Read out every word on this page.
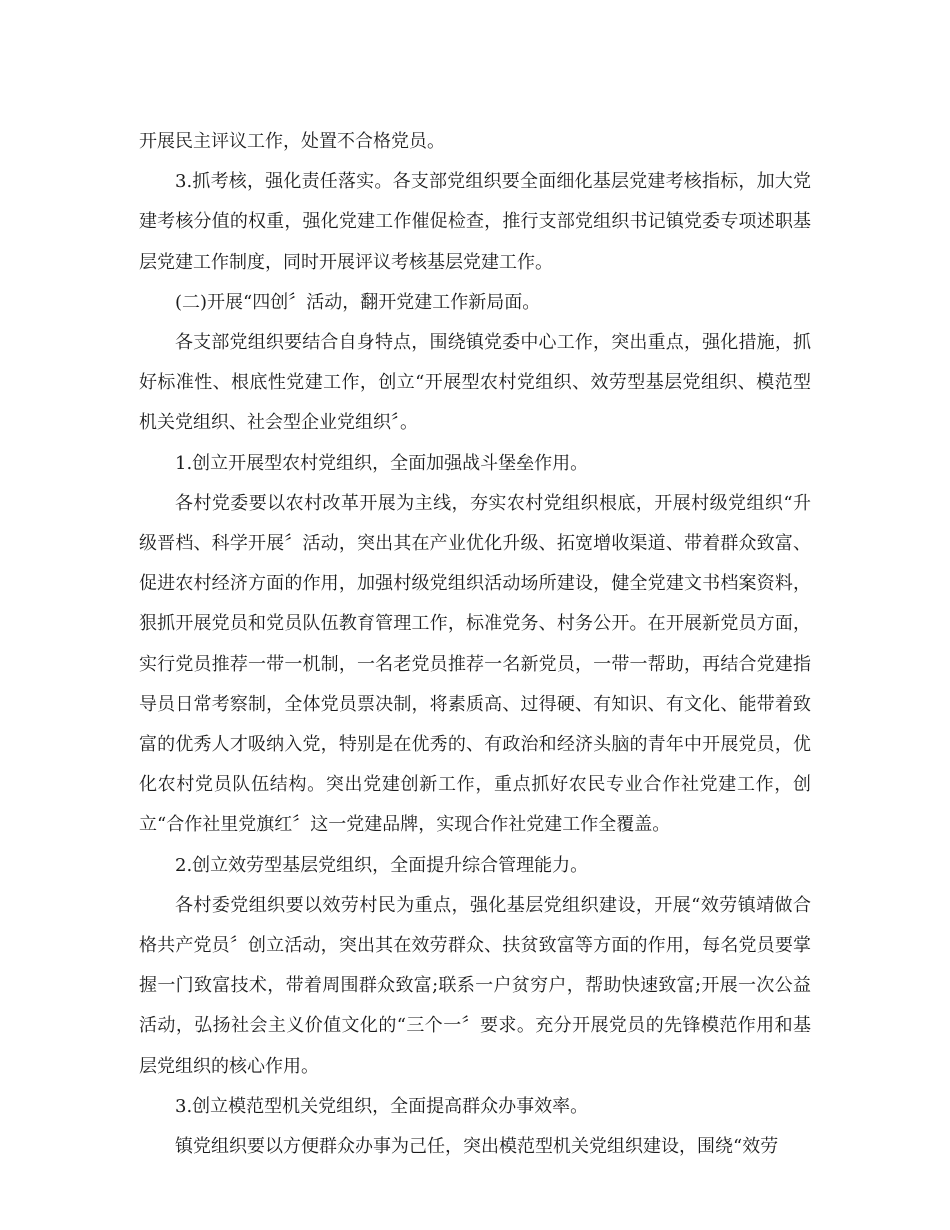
开展民主评议工作，处置不合格党员。

3.抓考核，强化责任落实。各支部党组织要全面细化基层党建考核指标，加大党建考核分值的权重，强化党建工作催促检查，推行支部党组织书记镇党委专项述职基层党建工作制度，同时开展评议考核基层党建工作。

(二)开展“四创〞活动，翻开党建工作新局面。

各支部党组织要结合自身特点，围绕镇党委中心工作，突出重点，强化措施，抓好标准性、根底性党建工作，创立“开展型农村党组织、效劳型基层党组织、模范型机关党组织、社会型企业党组织〞。

1.创立开展型农村党组织，全面加强战斗堡垒作用。

各村党委要以农村改革开展为主线，夯实农村党组织根底，开展村级党组织“升级晋档、科学开展〞活动，突出其在产业优化升级、拓宽增收渠道、带着群众致富、促进农村经济方面的作用，加强村级党组织活动场所建设，健全党建文书档案资料，狠抓开展党员和党员队伍教育管理工作，标准党务、村务公开。在开展新党员方面，实行党员推荐一带一机制，一名老党员推荐一名新党员，一带一帮助，再结合党建指导员日常考察制，全体党员票决制，将素质高、过得硬、有知识、有文化、能带着致富的优秀人才吸纳入党，特别是在优秀的、有政治和经济头脑的青年中开展党员，优化农村党员队伍结构。突出党建创新工作，重点抓好农民专业合作社党建工作，创立“合作社里党旗红〞这一党建品牌，实现合作社党建工作全覆盖。

2.创立效劳型基层党组织，全面提升综合管理能力。

各村委党组织要以效劳村民为重点，强化基层党组织建设，开展“效劳镇靖做合格共产党员〞创立活动，突出其在效劳群众、扶贫致富等方面的作用，每名党员要掌握一门致富技术，带着周围群众致富;联系一户贫穷户，帮助快速致富;开展一次公益活动，弘扬社会主义价值文化的“三个一〞要求。充分开展党员的先锋模范作用和基层党组织的核心作用。

3.创立模范型机关党组织，全面提高群众办事效率。

镇党组织要以方便群众办事为己任，突出模范型机关党组织建设，围绕“效劳
